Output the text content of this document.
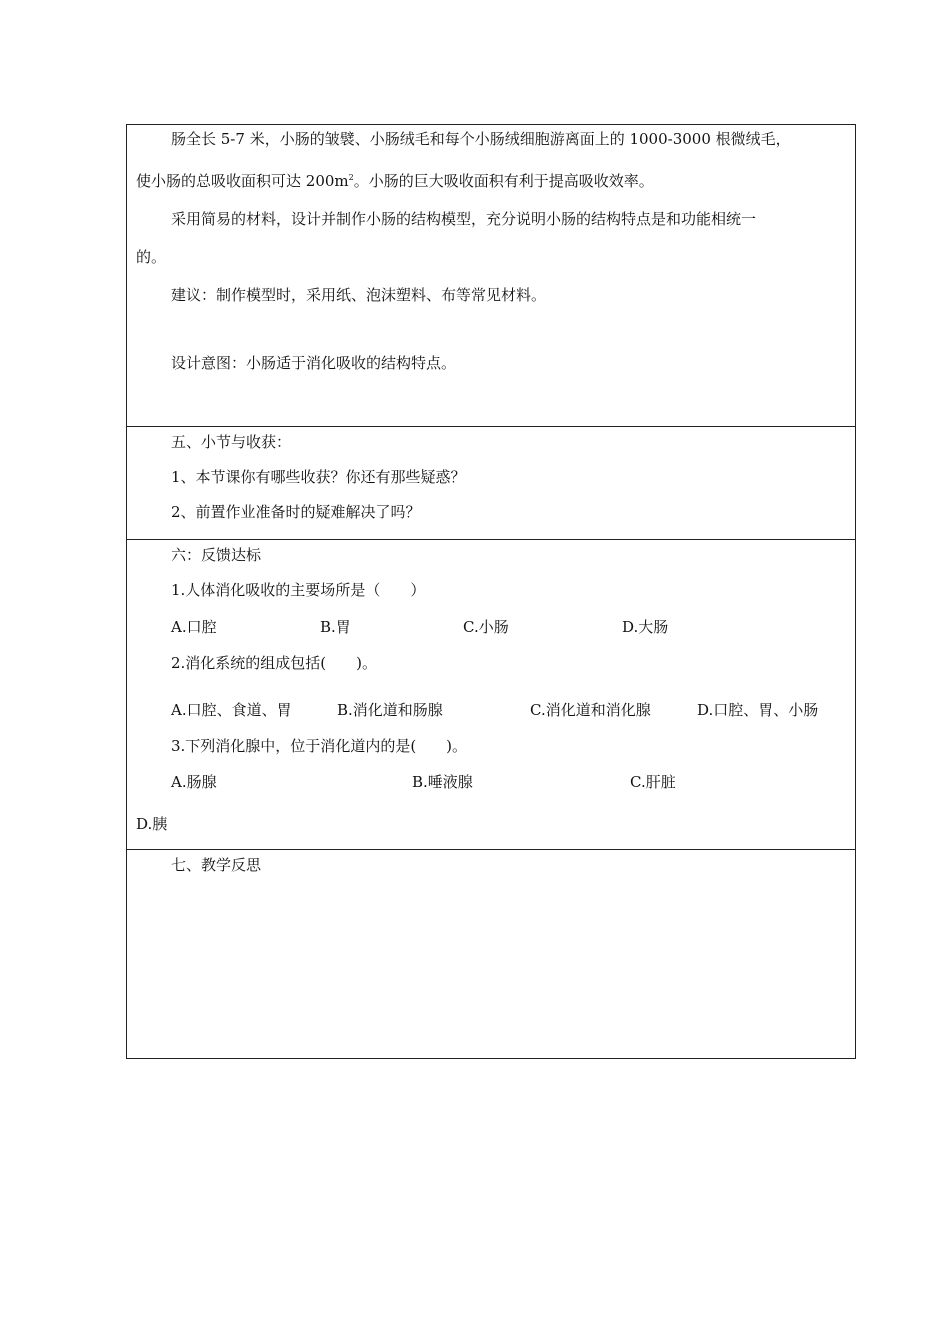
肠全长 5-7 米，小肠的皱襞、小肠绒毛和每个小肠绒细胞游离面上的 1000-3000 根微绒毛，
使小肠的总吸收面积可达 $200m^2$。小肠的巨大吸收面积有利于提高吸收效率。
采用简易的材料，设计并制作小肠的结构模型，充分说明小肠的结构特点是和功能相统一
的。
建议：制作模型时，采用纸、泡沫塑料、布等常见材料。
设计意图：小肠适于消化吸收的结构特点。
五、小节与收获：
1、本节课你有哪些收获？你还有那些疑惑？
2、前置作业准备时的疑难解决了吗？
六：反馈达标
1.人体消化吸收的主要场所是（　　）
A.口腔	B.胃	C.小肠	D.大肠
2.消化系统的组成包括(　　)。
A.口腔、食道、胃	B.消化道和肠腺	C.消化道和消化腺	D.口腔、胃、小肠
3.下列消化腺中，位于消化道内的是(　　)。
A.肠腺	B.唾液腺	C.肝脏
D.胰
七、教学反思
